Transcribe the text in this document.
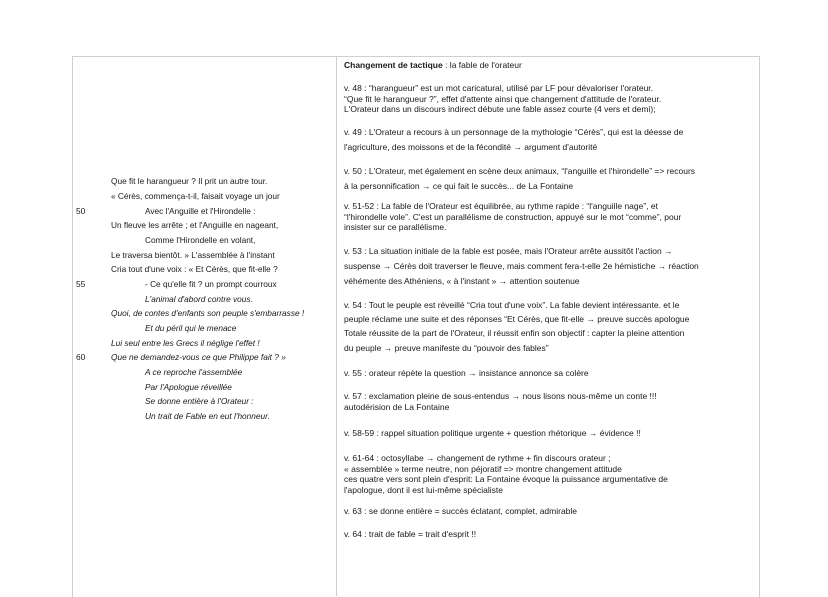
Que fit le harangueur ? Il prit un autre tour.
« Cérès, commença-t-il, faisait voyage un jour
50	Avec l'Anguille et l'Hirondelle :
Un fleuve les arrête ; et l'Anguille en nageant,
Comme l'Hirondelle en volant,
Le traversa bientôt. » L'assemblée à l'instant
Cria tout d'une voix : « Et Cérès, que fit-elle ?
55	- Ce qu'elle fit ? un prompt courroux
L'animal d'abord contre vous.
Quoi, de contes d'enfants son peuple s'embarrasse !
Et du péril qui le menace
Lui seul entre les Grecs il néglige l'effet !
60	Que ne demandez-vous ce que Philippe fait ? »
A ce reproche l'assemblée
Par l'Apologue réveillée
Se donne entière à l'Orateur :
Un trait de Fable en eut l'honneur.
Changement de tactique : la fable de l'orateur
v. 48 : “harangueur” est un mot caricatural, utilisé par LF pour dévaloriser l'orateur.
“Que fit le harangueur ?”, effet d'attente ainsi que changement d'attitude de l'orateur.
L'Orateur dans un discours indirect débute une fable assez courte (4 vers et demi);
v. 49 : L'Orateur a recours à un personnage de la mythologie “Cérès”, qui est la déesse de
l'agriculture, des moissons et de la fécondité → argument d'autorité
v. 50 : L'Orateur, met également en scène deux animaux, “l'anguille et l'hirondelle” => recours
à la personnification → ce qui fait le succès... de La Fontaine
v. 51-52 : La fable de l'Orateur est équilibrée, au rythme rapide : “l'anguille nage”, et
“l'hirondelle vole”. C'est un parallélisme de construction, appuyé sur le mot “comme”, pour
insister sur ce parallélisme.
v. 53 : La situation initiale de la fable est posée, mais l'Orateur arrête aussitôt l'action →
suspense → Cérès doit traverser le fleuve, mais comment fera-t-elle 2e hémistiche → réaction
véhémente des Athéniens, « à l'instant » → attention soutenue
v. 54 : Tout le peuple est réveillé “Cria tout d'une voix”. La fable devient intéressante. et le
peuple réclame une suite et des réponses “Et Cérès, que fit-elle → preuve succès apologue
Totale réussite de la part de l'Orateur, il réussit enfin son objectif : capter la pleine attention
du peuple → preuve manifeste du “pouvoir des fables”
v. 55 : orateur répète la question → insistance annonce sa colère
v. 57 : exclamation pleine de sous-entendus → nous lisons nous-même un conte !!!
autodérision de La Fontaine
v. 58-59 : rappel situation politique urgente + question rhétorique → évidence !!
v. 61-64 : octosyllabe → changement de rythme + fin discours orateur ;
« assemblée » terme neutre, non péjoratif => montre changement attitude
ces quatre vers sont plein d'esprit: La Fontaine évoque la puissance argumentative de
l'apologue, dont il est lui-même spécialiste
v. 63 : se donne entière = succès éclatant, complet, admirable
v. 64 : trait de fable = trait d'esprit !!
